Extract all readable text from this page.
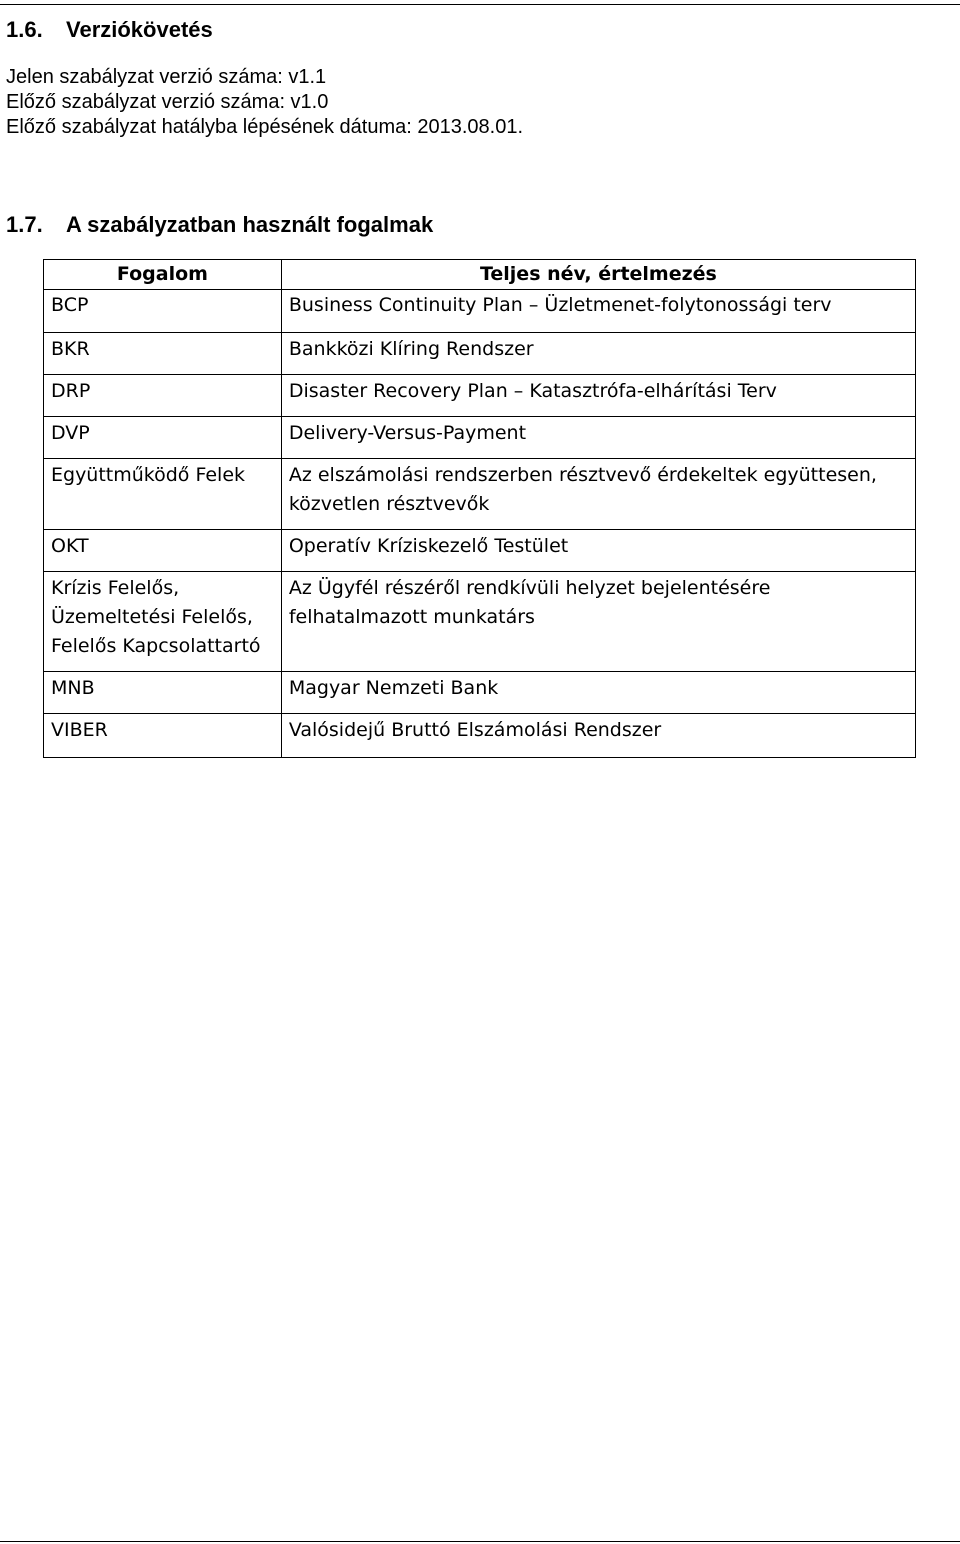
1.6. Verziókövetés
Jelen szabályzat verzió száma: v1.1
Előző szabályzat verzió száma: v1.0
Előző szabályzat hatályba lépésének dátuma: 2013.08.01.
1.7. A szabályzatban használt fogalmak
Fogalom	Teljes név, értelmezés
BCP	Business Continuity Plan – Üzletmenet-folytonossági terv
BKR	Bankközi Klíring Rendszer
DRP	Disaster Recovery Plan – Katasztrófa-elhárítási Terv
DVP	Delivery-Versus-Payment
Együttműködő Felek	Az elszámolási rendszerben résztvevő érdekeltek együttesen,
közvetlen résztvevők
OKT	Operatív Kríziskezelő Testület
Krízis Felelős,
Üzemeltetési Felelős,
Felelős Kapcsolattartó	Az Ügyfél részéről rendkívüli helyzet bejelentésére
felhatalmazott munkatárs
MNB	Magyar Nemzeti Bank
VIBER	Valósidejű Bruttó Elszámolási Rendszer
